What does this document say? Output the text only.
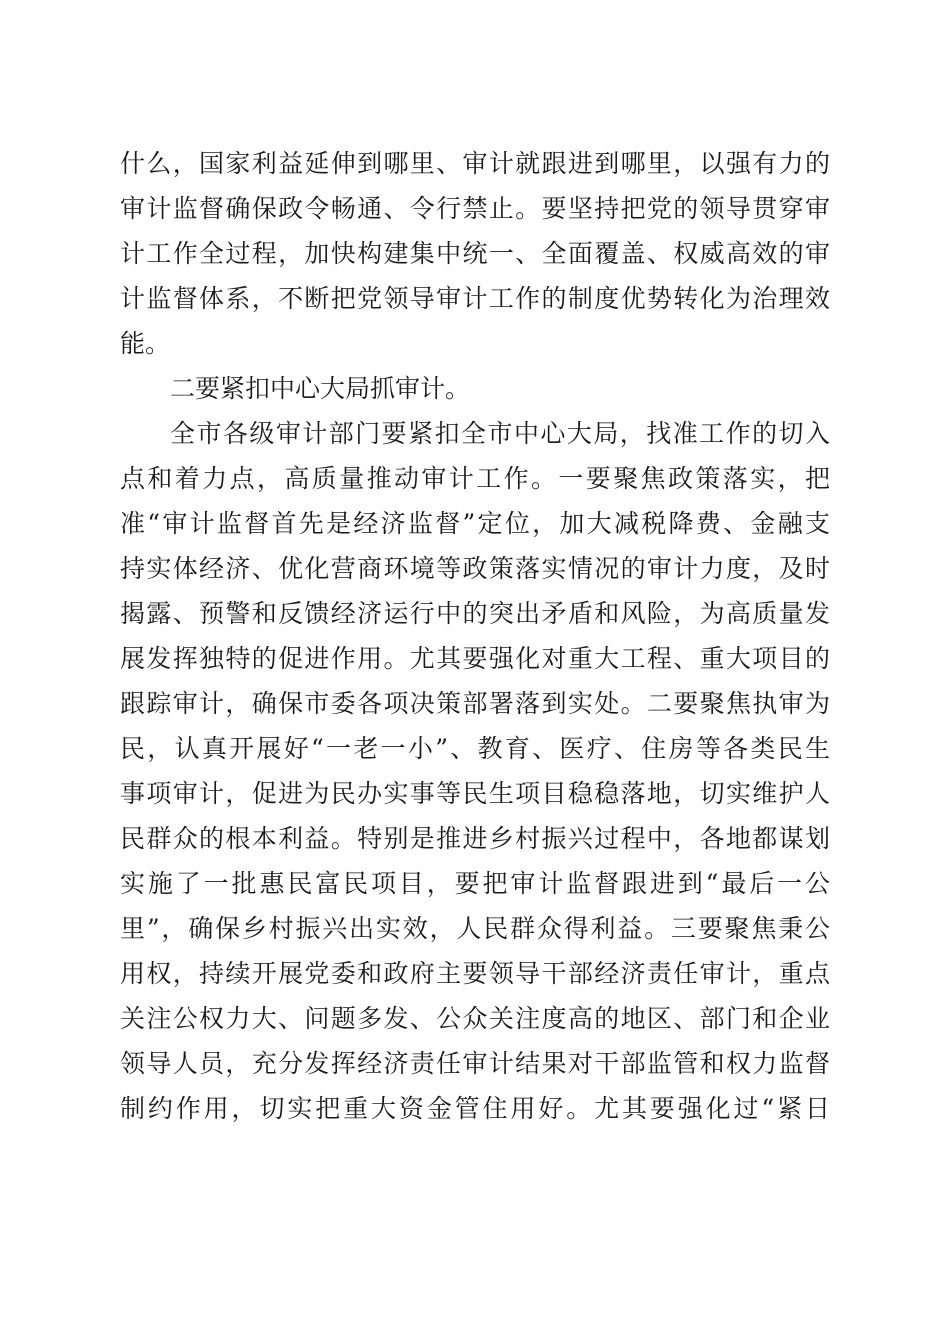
什么，国家利益延伸到哪里、审计就跟进到哪里，以强有力的
审计监督确保政令畅通、令行禁止。要坚持把党的领导贯穿审
计工作全过程，加快构建集中统一、全面覆盖、权威高效的审
计监督体系，不断把党领导审计工作的制度优势转化为治理效
能。
二要紧扣中心大局抓审计。
全市各级审计部门要紧扣全市中心大局，找准工作的切入
点和着力点，高质量推动审计工作。一要聚焦政策落实，把
准“审计监督首先是经济监督”定位，加大减税降费、金融支
持实体经济、优化营商环境等政策落实情况的审计力度，及时
揭露、预警和反馈经济运行中的突出矛盾和风险，为高质量发
展发挥独特的促进作用。尤其要强化对重大工程、重大项目的
跟踪审计，确保市委各项决策部署落到实处。二要聚焦执审为
民，认真开展好“一老一小”、教育、医疗、住房等各类民生
事项审计，促进为民办实事等民生项目稳稳落地，切实维护人
民群众的根本利益。特别是推进乡村振兴过程中，各地都谋划
实施了一批惠民富民项目，要把审计监督跟进到“最后一公
里”，确保乡村振兴出实效，人民群众得利益。三要聚焦秉公
用权，持续开展党委和政府主要领导干部经济责任审计，重点
关注公权力大、问题多发、公众关注度高的地区、部门和企业
领导人员，充分发挥经济责任审计结果对干部监管和权力监督
制约作用，切实把重大资金管住用好。尤其要强化过“紧日
